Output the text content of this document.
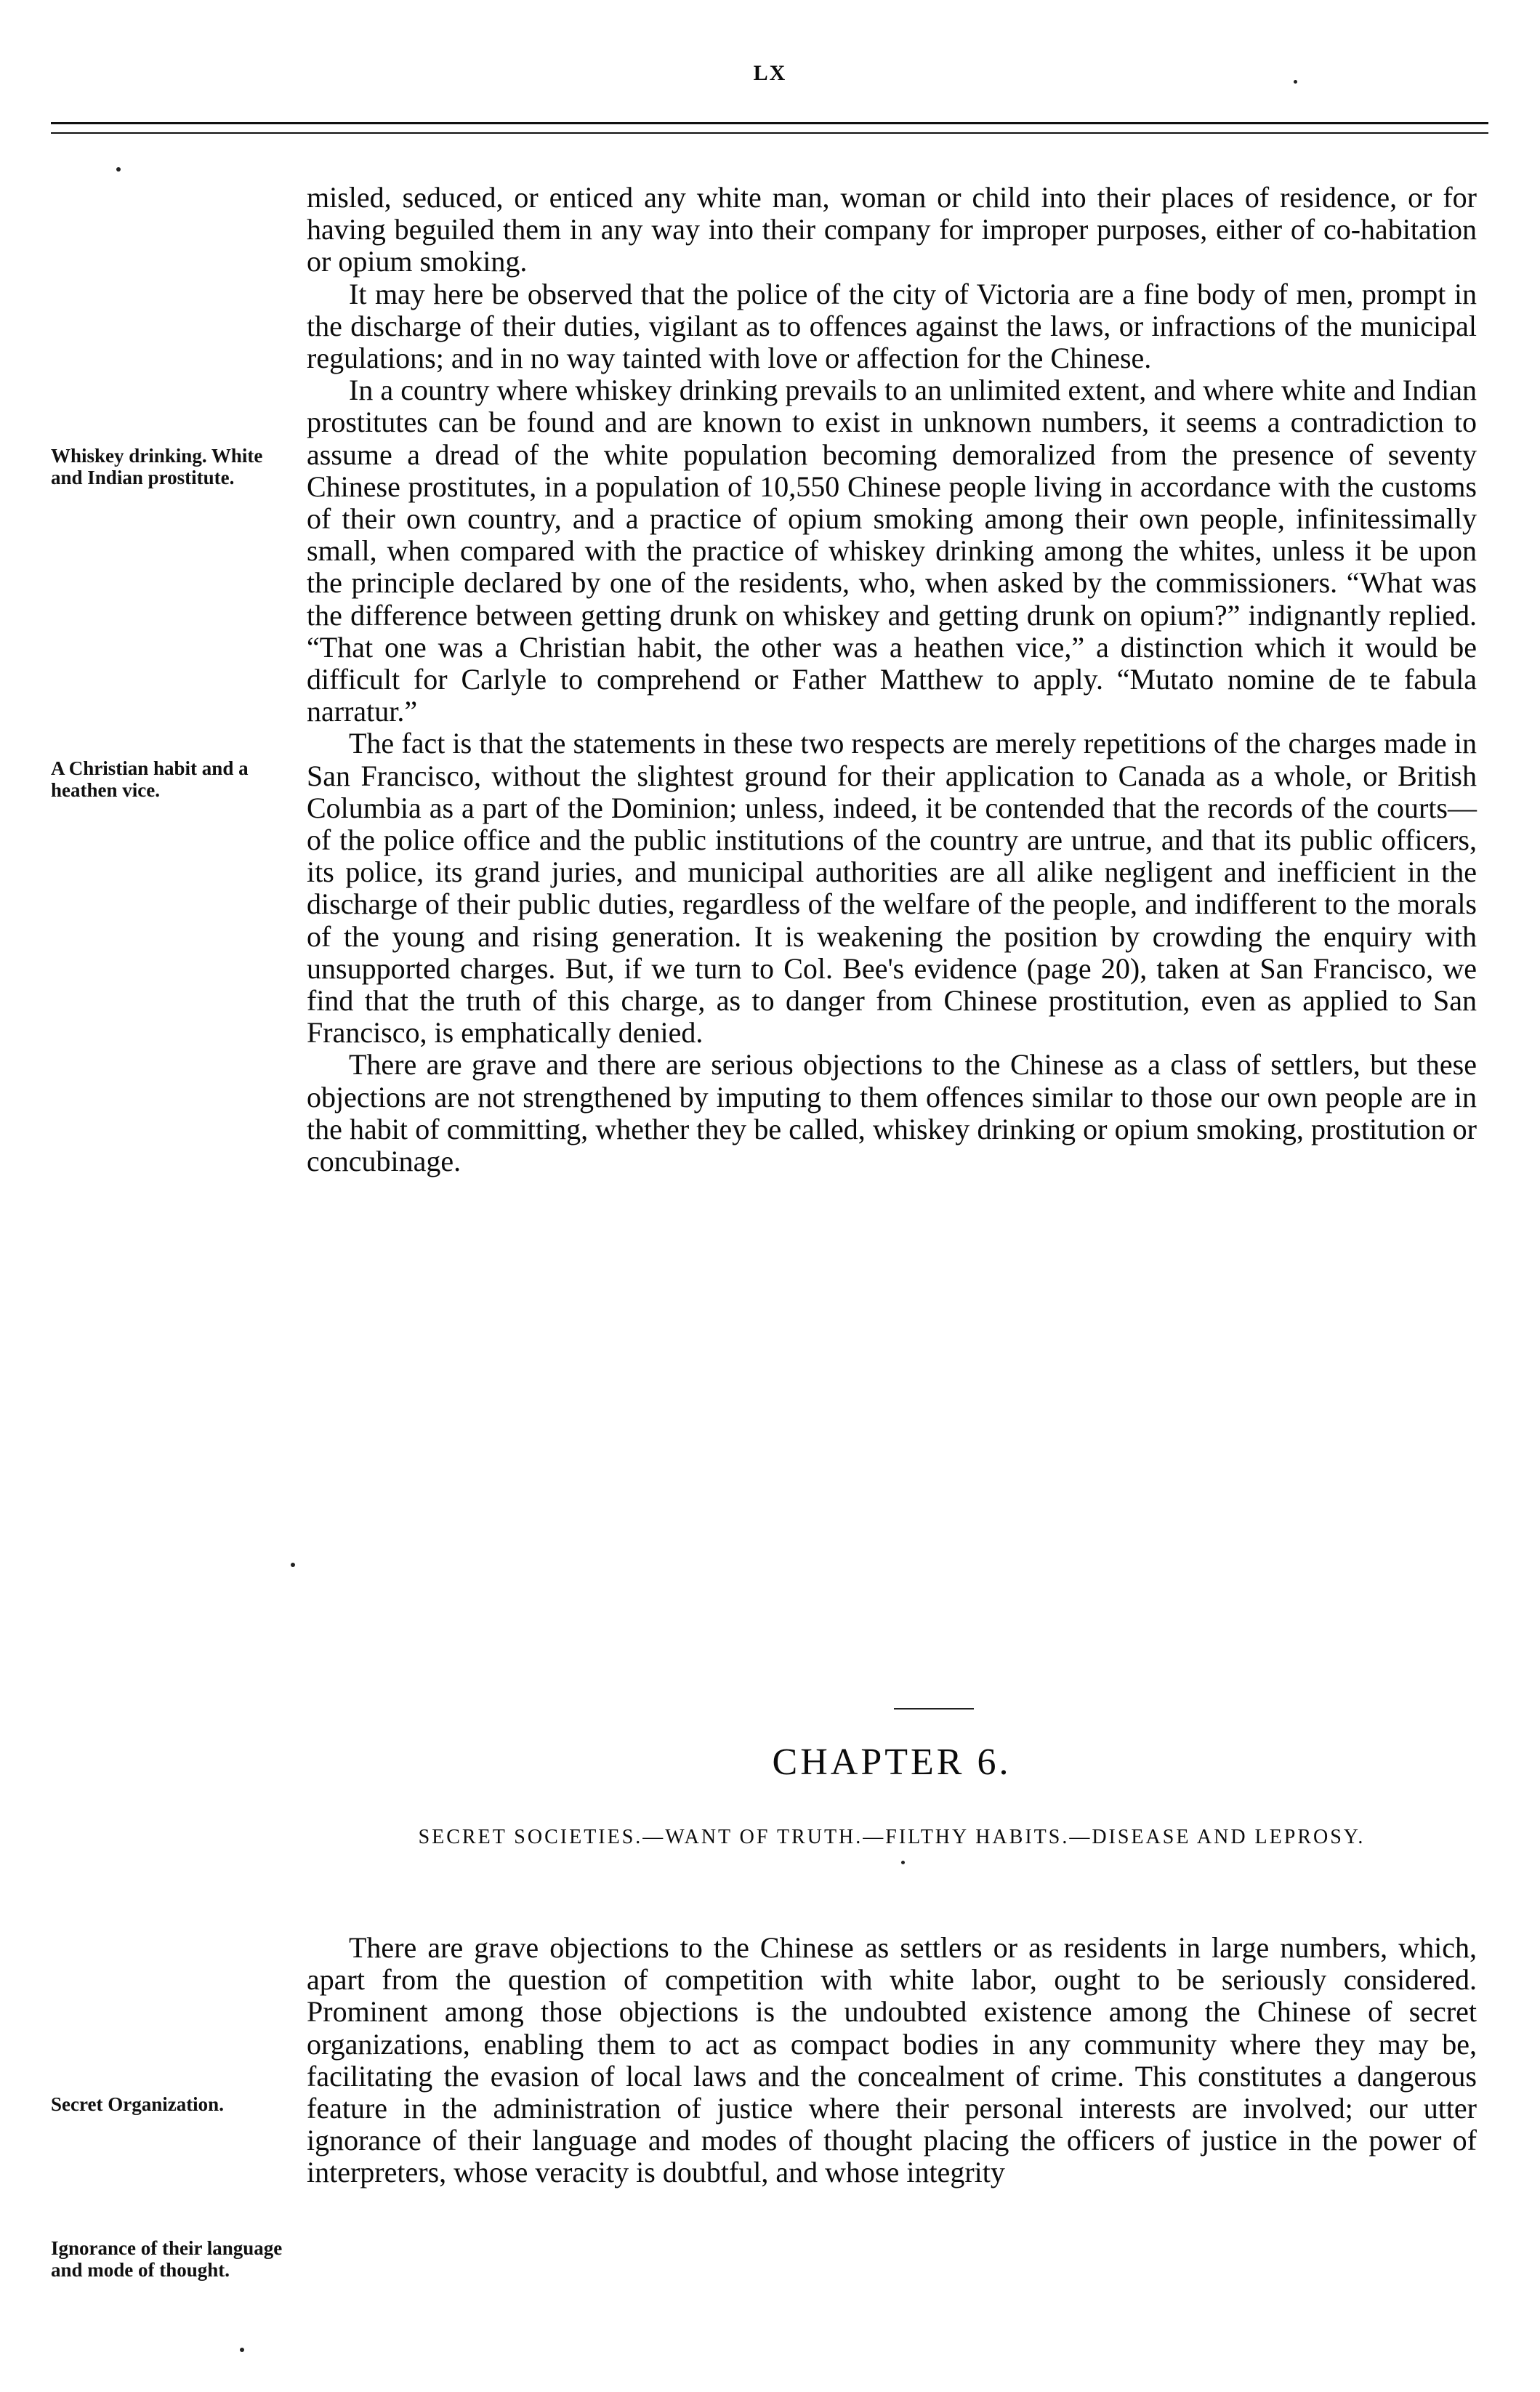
LX
Whiskey drinking. White and Indian prostitute.
A Christian habit and a heathen vice.
Secret Organization.
Ignorance of their language and mode of thought.

misled, seduced, or enticed any white man, woman or child into their places of residence, or for having beguiled them in any way into their company for improper purposes, either of co-habitation or opium smoking.

It may here be observed that the police of the city of Victoria are a fine body of men, prompt in the discharge of their duties, vigilant as to offences against the laws, or infractions of the municipal regulations; and in no way tainted with love or affection for the Chinese.

In a country where whiskey drinking prevails to an unlimited extent, and where white and Indian prostitutes can be found and are known to exist in unknown numbers, it seems a contradiction to assume a dread of the white population becoming demoralized from the presence of seventy Chinese prostitutes, in a population of 10,550 Chinese people living in accordance with the customs of their own country, and a practice of opium smoking among their own people, infinitessimally small, when compared with the practice of whiskey drinking among the whites, unless it be upon the principle declared by one of the residents, who, when asked by the commissioners. “What was the difference between getting drunk on whiskey and getting drunk on opium?” indignantly replied. “That one was a Christian habit, the other was a heathen vice,” a distinction which it would be difficult for Carlyle to comprehend or Father Matthew to apply. “Mutato nomine de te fabula narratur.”

The fact is that the statements in these two respects are merely repetitions of the charges made in San Francisco, without the slightest ground for their application to Canada as a whole, or British Columbia as a part of the Dominion; unless, indeed, it be contended that the records of the courts—of the police office and the public institutions of the country are untrue, and that its public officers, its police, its grand juries, and municipal authorities are all alike negligent and inefficient in the discharge of their public duties, regardless of the welfare of the people, and indifferent to the morals of the young and rising generation. It is weakening the position by crowding the enquiry with unsupported charges. But, if we turn to Col. Bee's evidence (page 20), taken at San Francisco, we find that the truth of this charge, as to danger from Chinese prostitution, even as applied to San Francisco, is emphatically denied.

There are grave and there are serious objections to the Chinese as a class of settlers, but these objections are not strengthened by imputing to them offences similar to those our own people are in the habit of committing, whether they be called, whiskey drinking or opium smoking, prostitution or concubinage.

CHAPTER 6.
SECRET SOCIETIES.—WANT OF TRUTH.—FILTHY HABITS.—DISEASE AND LEPROSY.

There are grave objections to the Chinese as settlers or as residents in large numbers, which, apart from the question of competition with white labor, ought to be seriously considered. Prominent among those objections is the undoubted existence among the Chinese of secret organizations, enabling them to act as compact bodies in any community where they may be, facilitating the evasion of local laws and the concealment of crime. This constitutes a dangerous feature in the administration of justice where their personal interests are involved; our utter ignorance of their language and modes of thought placing the officers of justice in the power of interpreters, whose veracity is doubtful, and whose integrity
